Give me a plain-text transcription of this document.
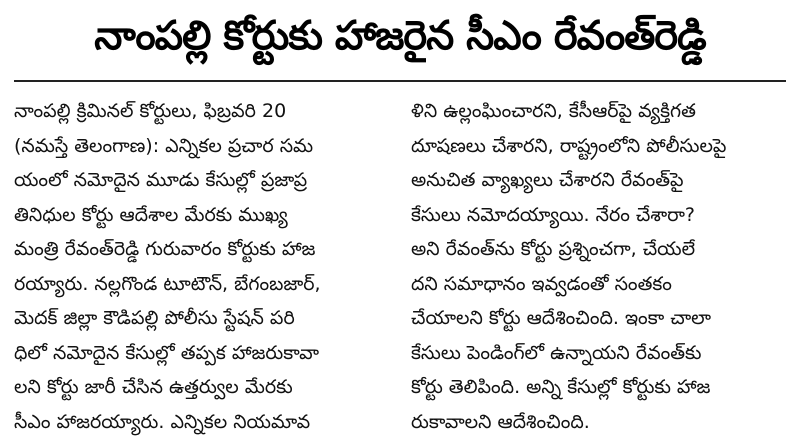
నాంపల్లి కోర్టుకు హాజరైన సీఎం రేవంత్‌రెడ్డి
నాంపల్లి క్రిమినల్ కోర్టులు, ఫిబ్రవరి 20
(నమస్తే తెలంగాణ): ఎన్నికల ప్రచార సమ
యంలో నమోదైన మూడు కేసుల్లో ప్రజాప్ర
తినిధుల కోర్టు ఆదేశాల మేరకు ముఖ్య
మంత్రి రేవంత్‌రెడ్డి గురువారం కోర్టుకు హాజ
రయ్యారు. నల్లగొండ టూటౌన్, బేగంబజార్,
మెదక్ జిల్లా కౌడిపల్లి పోలీసు స్టేషన్ పరి
ధిలో నమోదైన కేసుల్లో తప్పక హాజరుకావా
లని కోర్టు జారీ చేసిన ఉత్తర్వుల మేరకు
సీఎం హాజరయ్యారు. ఎన్నికల నియమావ
ళిని ఉల్లంఘించారని, కేసీఆర్‌పై వ్యక్తిగత
దూషణలు చేశారని, రాష్ట్రంలోని పోలీసులపై
అనుచిత వ్యాఖ్యలు చేశారని రేవంత్‌పై
కేసులు నమోదయ్యాయి. నేరం చేశారా?
అని రేవంత్‌ను కోర్టు ప్రశ్నించగా, చేయలే
దని సమాధానం ఇవ్వడంతో సంతకం
చేయాలని కోర్టు ఆదేశించింది. ఇంకా చాలా
కేసులు పెండింగ్‌లో ఉన్నాయని రేవంత్‌కు
కోర్టు తెలిపింది. అన్ని కేసుల్లో కోర్టుకు హాజ
రుకావాలని ఆదేశించింది.
